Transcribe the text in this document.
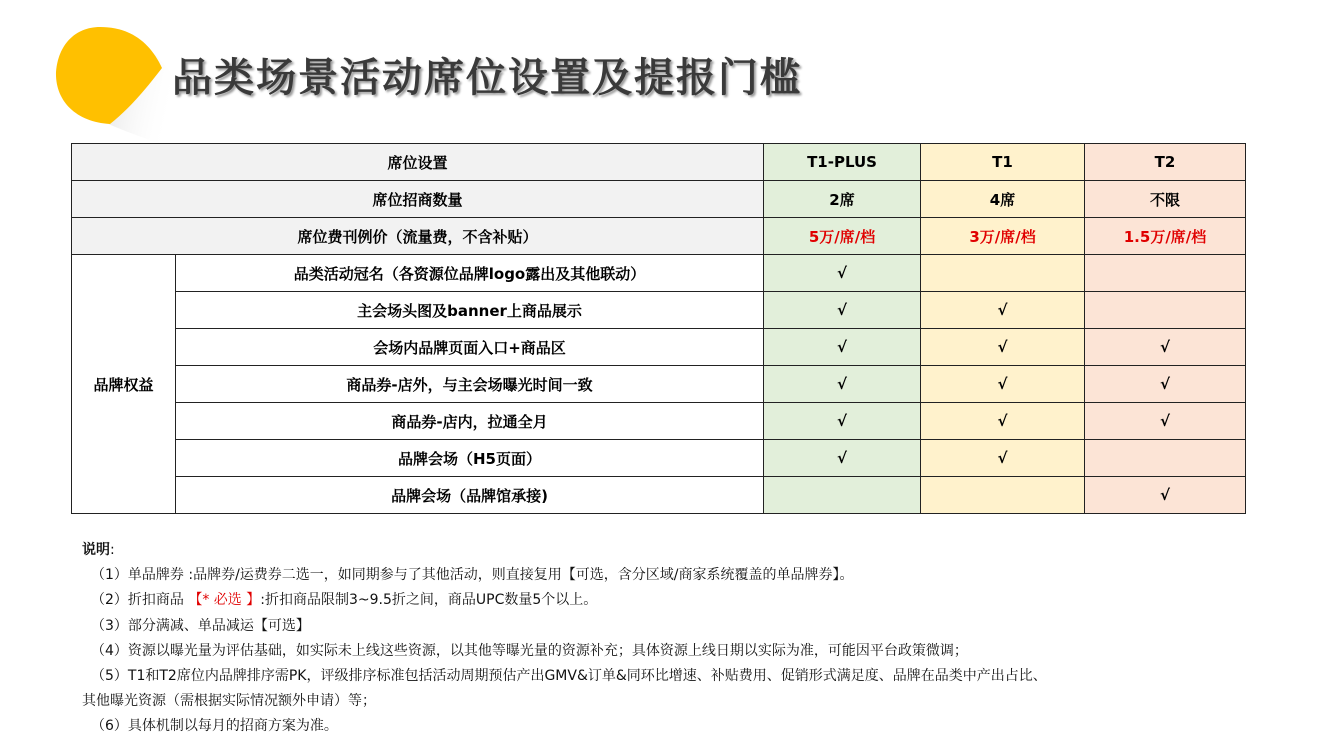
品类场景活动席位设置及提报门槛
席位设置		T1-PLUS	T1	T2
席位招商数量		2席	4席	不限
席位费刊例价（流量费，不含补贴）		5万/席/档	3万/席/档	1.5万/席/档
品牌权益	品类活动冠名（各资源位品牌logo露出及其他联动）	√		
	主会场头图及banner上商品展示	√	√	
	会场内品牌页面入口+商品区	√	√	√
	商品券-店外，与主会场曝光时间一致	√	√	√
	商品券-店内，拉通全月	√	√	√
	品牌会场（H5页面）	√	√	
	品牌会场（品牌馆承接)			√
说明:
（1）单品牌券 :品牌券/运费券二选一，如同期参与了其他活动，则直接复用【可选，含分区域/商家系统覆盖的单品牌券】。
（2）折扣商品 【* 必选 】:折扣商品限制3~9.5折之间，商品UPC数量5个以上。
（3）部分满减、单品减运【可选】
（4）资源以曝光量为评估基础，如实际未上线这些资源，以其他等曝光量的资源补充；具体资源上线日期以实际为准，可能因平台政策微调；
（5）T1和T2席位内品牌排序需PK，评级排序标准包括活动周期预估产出GMV&订单&同环比增速、补贴费用、促销形式满足度、品牌在品类中产出占比、
其他曝光资源（需根据实际情况额外申请）等；
（6）具体机制以每月的招商方案为准。
